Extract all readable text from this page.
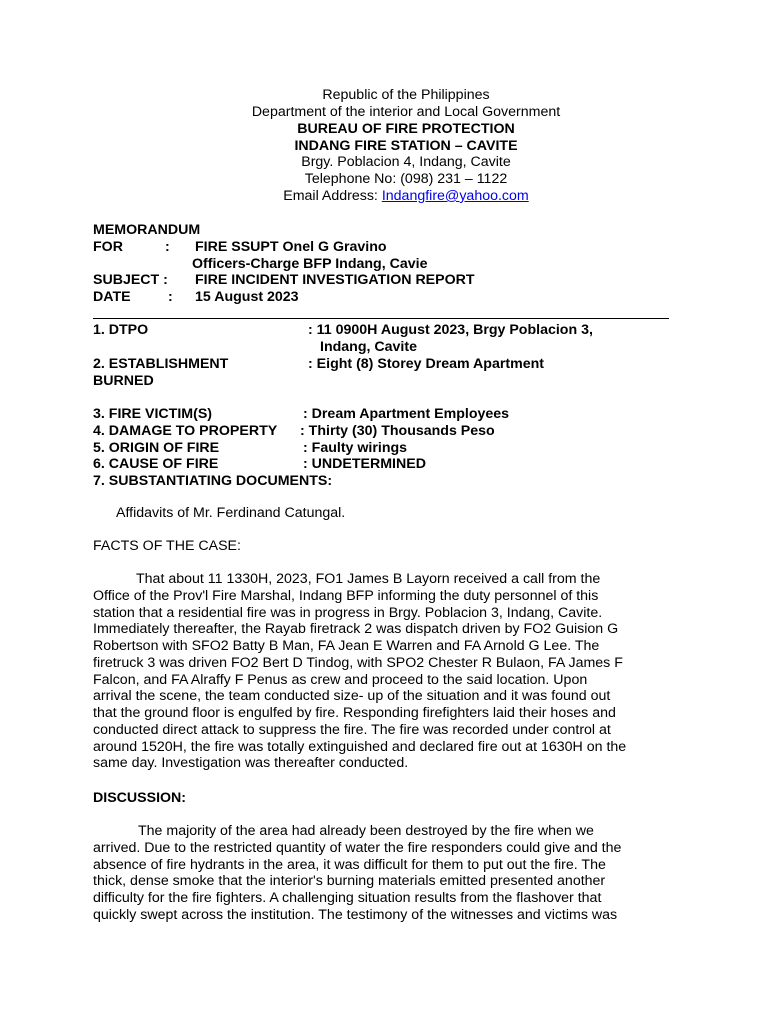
Republic of the Philippines
Department of the interior and Local Government
BUREAU OF FIRE PROTECTION
INDANG FIRE STATION – CAVITE
Brgy. Poblacion 4, Indang, Cavite
Telephone No: (098) 231 – 1122
Email Address: Indangfire@yahoo.com
MEMORANDUM
FOR	: FIRE SSUPT Onel G Gravino
Officers-Charge BFP Indang, Cavie
SUBJECT : FIRE INCIDENT INVESTIGATION REPORT
DATE	: 15 August 2023
1. DTPO	: 11 0900H August 2023, Brgy Poblacion 3,
Indang, Cavite
2. ESTABLISHMENT	: Eight (8) Storey Dream Apartment
BURNED
3. FIRE VICTIM(S)	: Dream Apartment Employees
4. DAMAGE TO PROPERTY : Thirty (30) Thousands Peso
5. ORIGIN OF FIRE	: Faulty wirings
6. CAUSE OF FIRE	: UNDETERMINED
7. SUBSTANTIATING DOCUMENTS:
Affidavits of Mr. Ferdinand Catungal.
FACTS OF THE CASE:
That about 11 1330H, 2023, FO1 James B Layorn received a call from the
Office of the Prov'l Fire Marshal, Indang BFP informing the duty personnel of this
station that a residential fire was in progress in Brgy. Poblacion 3, Indang, Cavite.
Immediately thereafter, the Rayab firetrack 2 was dispatch driven by FO2 Guision G
Robertson with SFO2 Batty B Man, FA Jean E Warren and FA Arnold G Lee. The
firetruck 3 was driven FO2 Bert D Tindog, with SPO2 Chester R Bulaon, FA James F
Falcon, and FA Alraffy F Penus as crew and proceed to the said location. Upon
arrival the scene, the team conducted size- up of the situation and it was found out
that the ground floor is engulfed by fire. Responding firefighters laid their hoses and
conducted direct attack to suppress the fire. The fire was recorded under control at
around 1520H, the fire was totally extinguished and declared fire out at 1630H on the
same day. Investigation was thereafter conducted.
DISCUSSION:
The majority of the area had already been destroyed by the fire when we
arrived. Due to the restricted quantity of water the fire responders could give and the
absence of fire hydrants in the area, it was difficult for them to put out the fire. The
thick, dense smoke that the interior's burning materials emitted presented another
difficulty for the fire fighters. A challenging situation results from the flashover that
quickly swept across the institution. The testimony of the witnesses and victims was
